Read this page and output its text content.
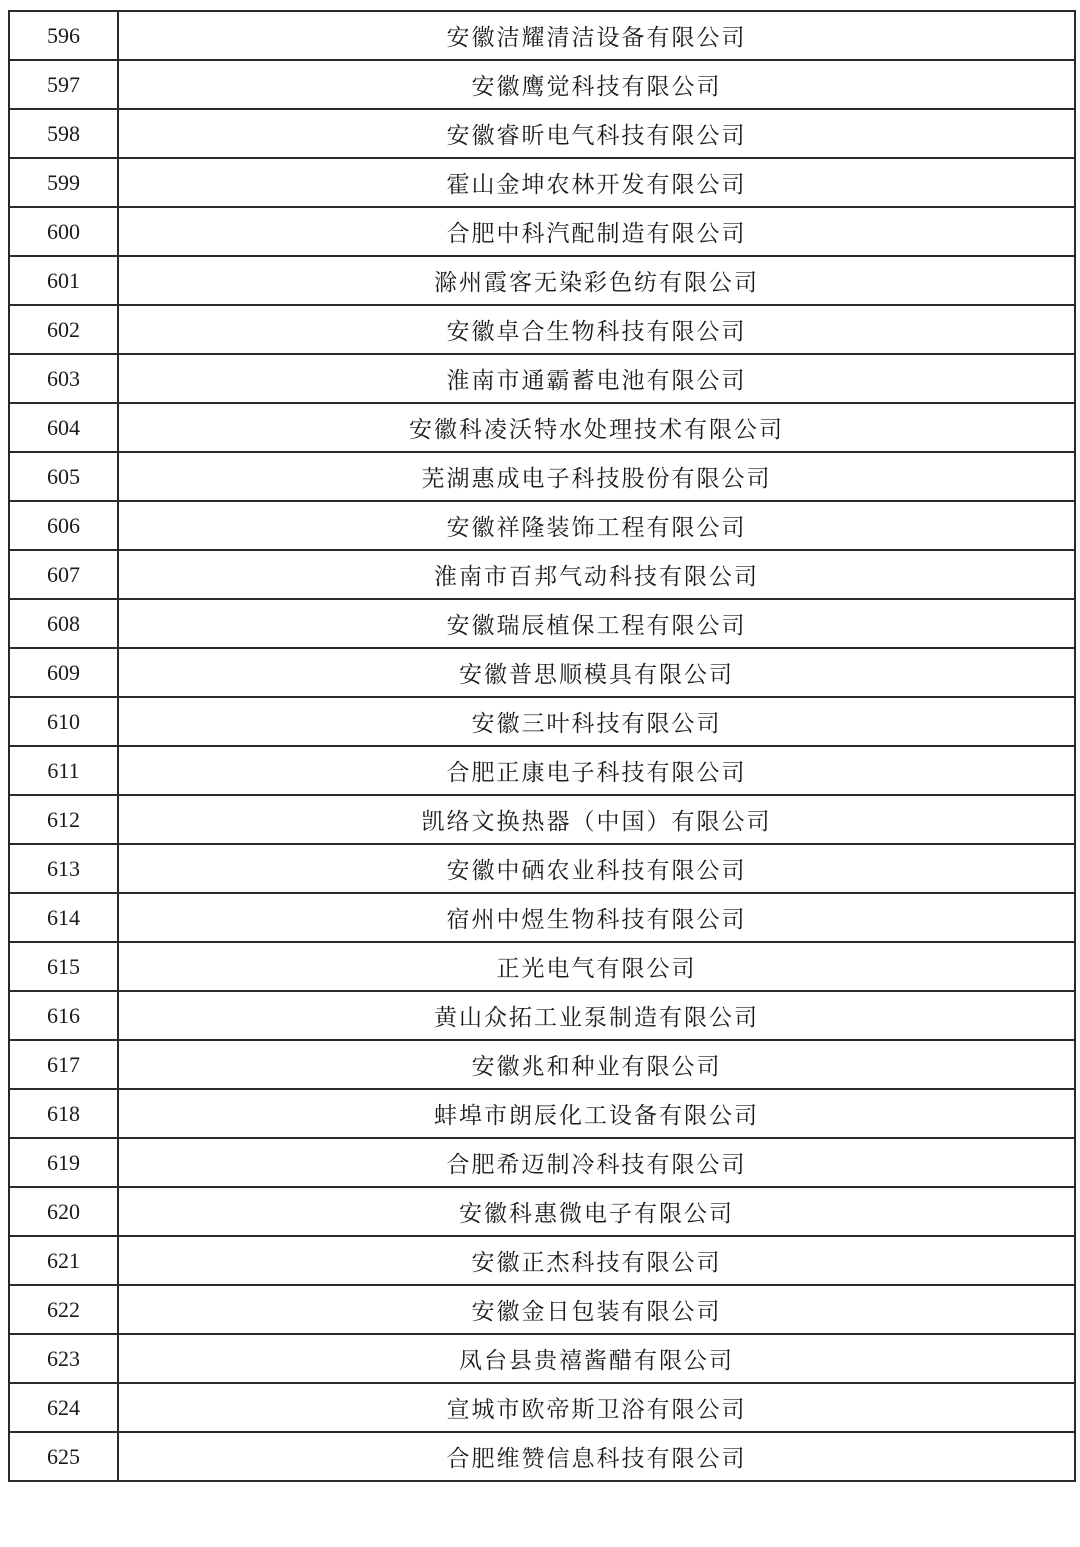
596	安徽洁耀清洁设备有限公司
597	安徽鹰觉科技有限公司
598	安徽睿昕电气科技有限公司
599	霍山金坤农林开发有限公司
600	合肥中科汽配制造有限公司
601	滁州霞客无染彩色纺有限公司
602	安徽卓合生物科技有限公司
603	淮南市通霸蓄电池有限公司
604	安徽科凌沃特水处理技术有限公司
605	芜湖惠成电子科技股份有限公司
606	安徽祥隆装饰工程有限公司
607	淮南市百邦气动科技有限公司
608	安徽瑞辰植保工程有限公司
609	安徽普思顺模具有限公司
610	安徽三叶科技有限公司
611	合肥正康电子科技有限公司
612	凯络文换热器（中国）有限公司
613	安徽中硒农业科技有限公司
614	宿州中煜生物科技有限公司
615	正光电气有限公司
616	黄山众拓工业泵制造有限公司
617	安徽兆和种业有限公司
618	蚌埠市朗辰化工设备有限公司
619	合肥希迈制冷科技有限公司
620	安徽科惠微电子有限公司
621	安徽正杰科技有限公司
622	安徽金日包装有限公司
623	凤台县贵禧酱醋有限公司
624	宣城市欧帝斯卫浴有限公司
625	合肥维赞信息科技有限公司
